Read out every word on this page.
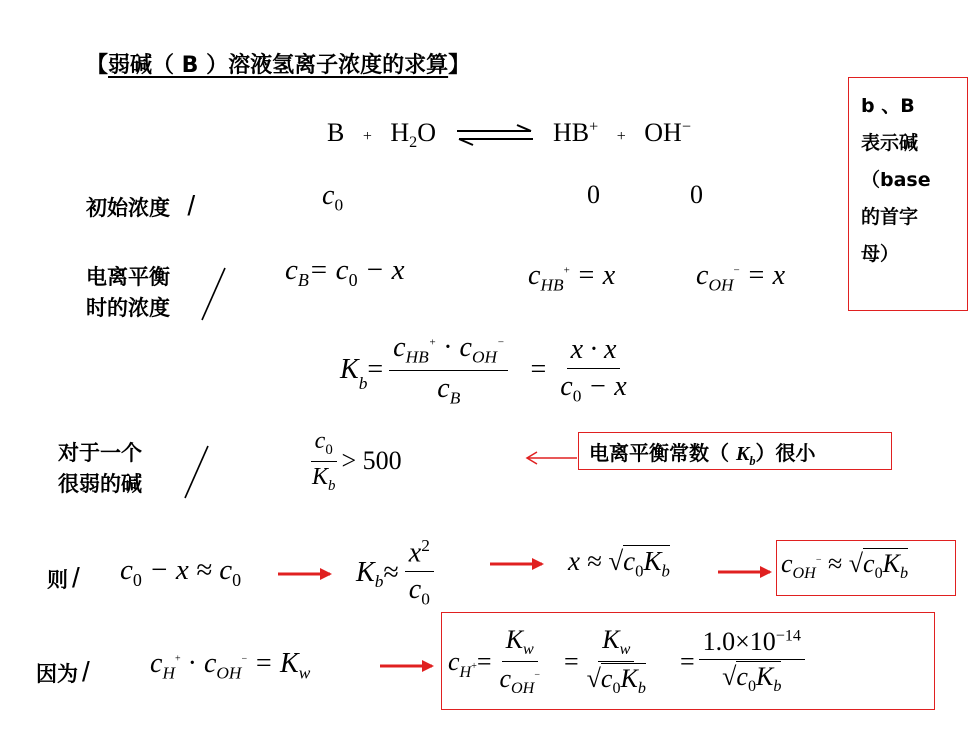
【弱碱（ B ）溶液氢离子浓度的求算】
b 、B
表示碱
（base
的首字
母）
$B + H_2O$ ⇌ HB+ + OH−
初始浓度 /	$c_0$	0	0
电离平衡
时的浓度
$c_B= c_0 - x$	$c_{HB}^+ = x$	$c_{OH}^- = x$
$K_b = \frac{c_{HB}^+ \cdot c_{OH}^-}{c_B} = \frac{x \cdot x}{c_0 - x}$
对于一个
很弱的碱	$\frac{c_0}{K_b} > 500$	电离平衡常数（ $K_b$）很小
则 / $c_0 - x \approx c_0$	$K_b \approx \frac{x^2}{c_0}$	$x \approx √c_0K_b$	$c_{OH}^- \approx √c_0K_b$
因为 / $c_H^+ \cdot c_{OH}^- = K_w$	$c_H^+ = \frac{K_w}{c_{OH}^-} = \frac{K_w}{√c_0K_b} = \frac{1.0\times 10^{-14}}{√c_0K_b}$
